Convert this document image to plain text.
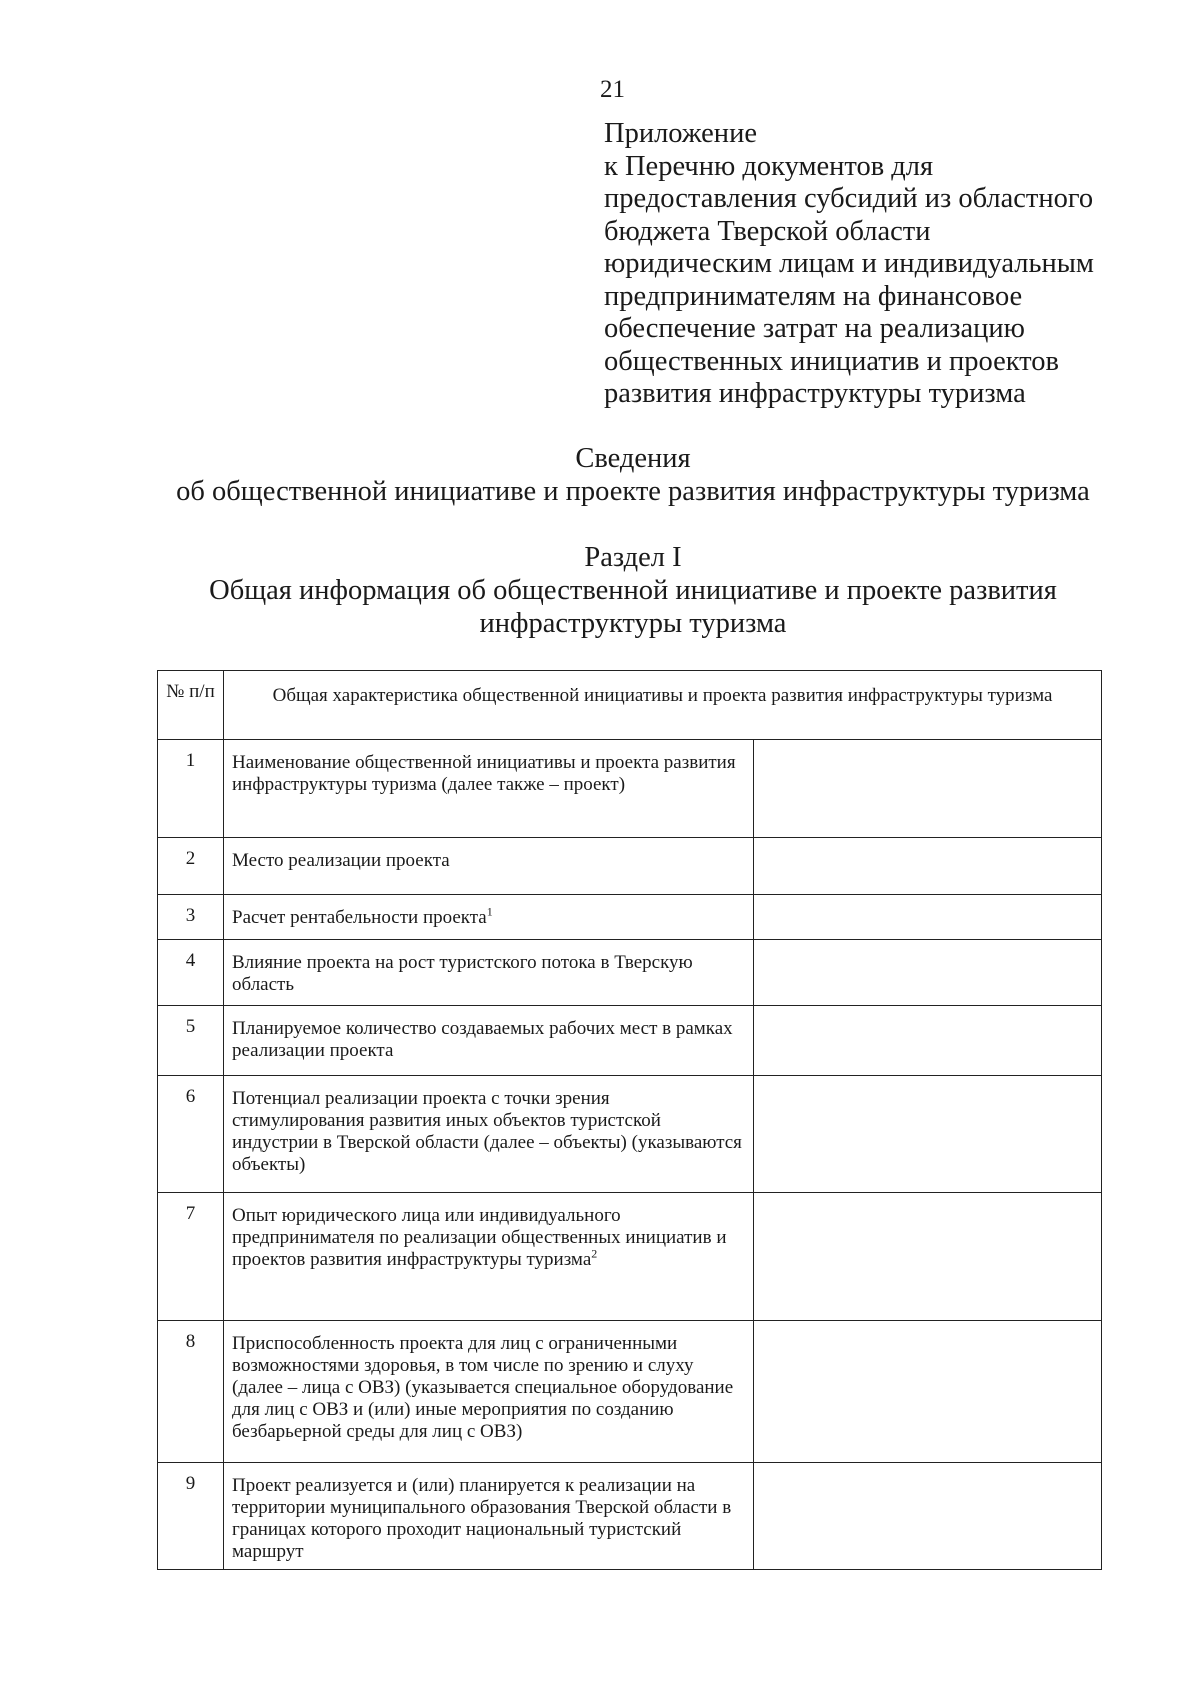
21
Приложение
к Перечню документов для
предоставления субсидий из областного
бюджета Тверской области
юридическим лицам и индивидуальным
предпринимателям на финансовое
обеспечение затрат на реализацию
общественных инициатив и проектов
развития инфраструктуры туризма
Сведения
об общественной инициативе и проекте развития инфраструктуры туризма
Раздел I
Общая информация об общественной инициативе и проекте развития
инфраструктуры туризма
№ п/п	Общая характеристика общественной инициативы и проекта развития инфраструктуры туризма	
1	Наименование общественной инициативы и проекта развития инфраструктуры туризма (далее также – проект)	
2	Место реализации проекта	
3	Расчет рентабельности проекта$^1$	
4	Влияние проекта на рост туристского потока в Тверскую область	
5	Планируемое количество создаваемых рабочих мест в рамках реализации проекта	
6	Потенциал реализации проекта с точки зрения стимулирования развития иных объектов туристской индустрии в Тверской области (далее – объекты) (указываются объекты)	
7	Опыт юридического лица или индивидуального предпринимателя по реализации общественных инициатив и проектов развития инфраструктуры туризма$^2$	
8	Приспособленность проекта для лиц с ограниченными возможностями здоровья, в том числе по зрению и слуху (далее – лица с ОВЗ) (указывается специальное оборудование для лиц с ОВЗ и (или) иные мероприятия по созданию безбарьерной среды для лиц с ОВЗ)	
9	Проект реализуется и (или) планируется к реализации на территории муниципального образования Тверской области в границах которого проходит национальный туристский маршрут	
